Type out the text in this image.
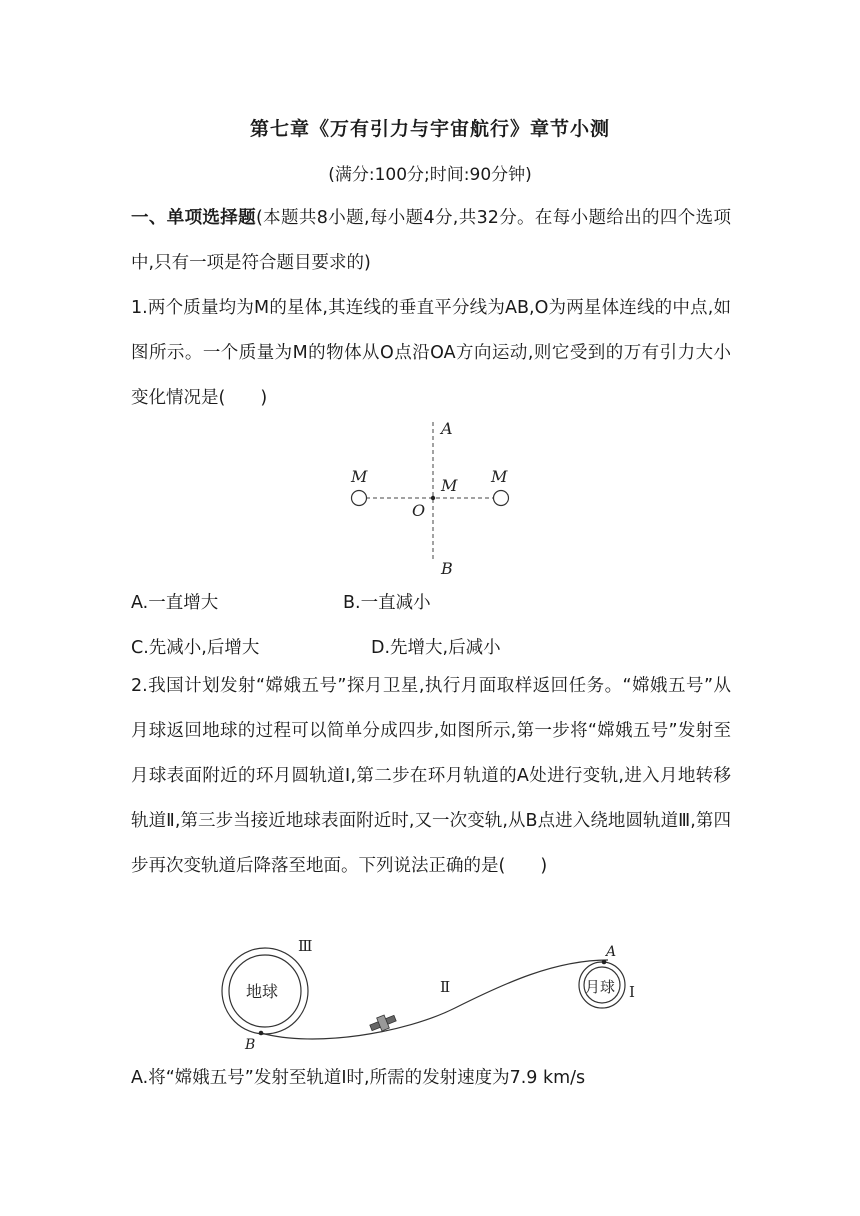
第七章《万有引力与宇宙航行》章节小测
(满分:100分;时间:90分钟)
一、单项选择题(本题共8小题,每小题4分,共32分。在每小题给出的四个选项中,只有一项是符合题目要求的)
1.两个质量均为M的星体,其连线的垂直平分线为AB,O为两星体连线的中点,如图所示。一个质量为M的物体从O点沿OA方向运动,则它受到的万有引力大小变化情况是(　　)
A
B
O
M	M M
A.一直增大	B.一直减小
C.先减小,后增大	D.先增大,后减小
2.我国计划发射“嫦娥五号”探月卫星,执行月面取样返回任务。“嫦娥五号”从月球返回地球的过程可以简单分成四步,如图所示,第一步将“嫦娥五号”发射至月球表面附近的环月圆轨道Ⅰ,第二步在环月轨道的A处进行变轨,进入月地转移轨道Ⅱ,第三步当接近地球表面附近时,又一次变轨,从B点进入绕地圆轨道Ⅲ,第四步再次变轨道后降落至地面。下列说法正确的是(　　)
地球
Ⅲ
Ⅱ	月球 Ⅰ
A
B
A.将“嫦娥五号”发射至轨道Ⅰ时,所需的发射速度为7.9 km/s
